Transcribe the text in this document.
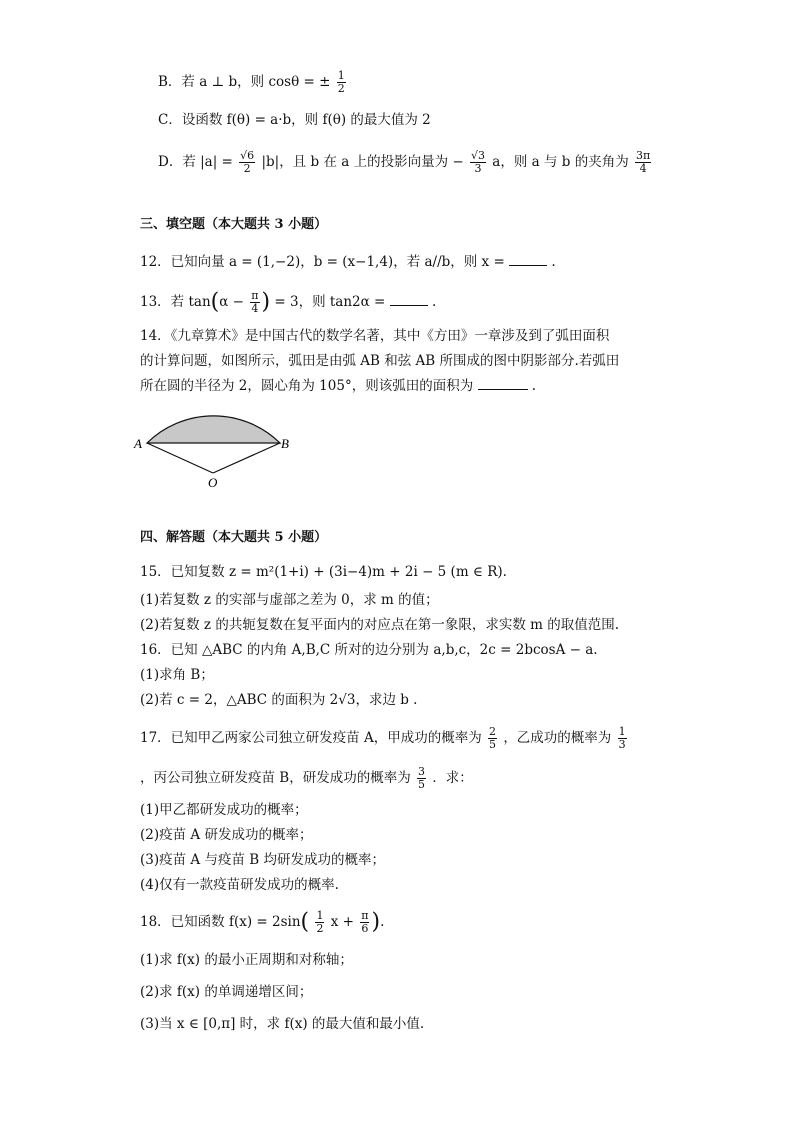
B．若 a ⊥ b，则 cosθ = ± $\frac{1}{2}$
C．设函数 f(θ) = a·b，则 f(θ) 的最大值为 2
D．若 $|a| = \frac{√6}{2} |b|$，且 b 在 a 上的投影向量为 − $\frac{√3}{3}$ a，则 a 与 b 的夹角为 $\frac{3\pi}{4}$
三、填空题（本大题共 3 小题）
12．已知向量 a = (1,−2)，b = (x−1,4)，若 a//b，则 x =	.
13．若 $\tan(\alpha - \frac{\pi}{4}$ ) = 3，则 tan2α =	.
14．《九章算术》是中国古代的数学名著，其中《方田》一章涉及到了弧田面积
的计算问题，如图所示，弧田是由弧 AB 和弦 AB 所围成的图中阴影部分.若弧田
所在圆的半径为 2，圆心角为 105°，则该弧田的面积为	.
A	B
O
四、解答题（本大题共 5 小题）
15．已知复数 z = m²(1+i) + (3i−4)m + 2i − 5 (m ∈ R).
(1)若复数 z 的实部与虚部之差为 0，求 m 的值；
(2)若复数 z 的共轭复数在复平面内的对应点在第一象限，求实数 m 的取值范围.
16．已知 △ABC 的内角 A,B,C 所对的边分别为 a,b,c，2c = 2bcosA − a.
(1)求角 B；
(2)若 c = 2，△ABC 的面积为 2√3，求边 b .
17．已知甲乙两家公司独立研发疫苗 A，甲成功的概率为 $\frac{2}{5}$ ，乙成功的概率为 $\frac{1}{3}$
，丙公司独立研发疫苗 B，研发成功的概率为 $\frac{3}{5}$ ．求：
(1)甲乙都研发成功的概率；
(2)疫苗 A 研发成功的概率；
(3)疫苗 A 与疫苗 B 均研发成功的概率；
(4)仅有一款疫苗研发成功的概率.
18．已知函数 $f(x) = 2\sin( \frac{1}{2}$ $x + \frac{\pi}{6}$ ).
(1)求 f(x) 的最小正周期和对称轴；
(2)求 f(x) 的单调递增区间；
(3)当 x ∈ [0,π] 时，求 f(x) 的最大值和最小值.
